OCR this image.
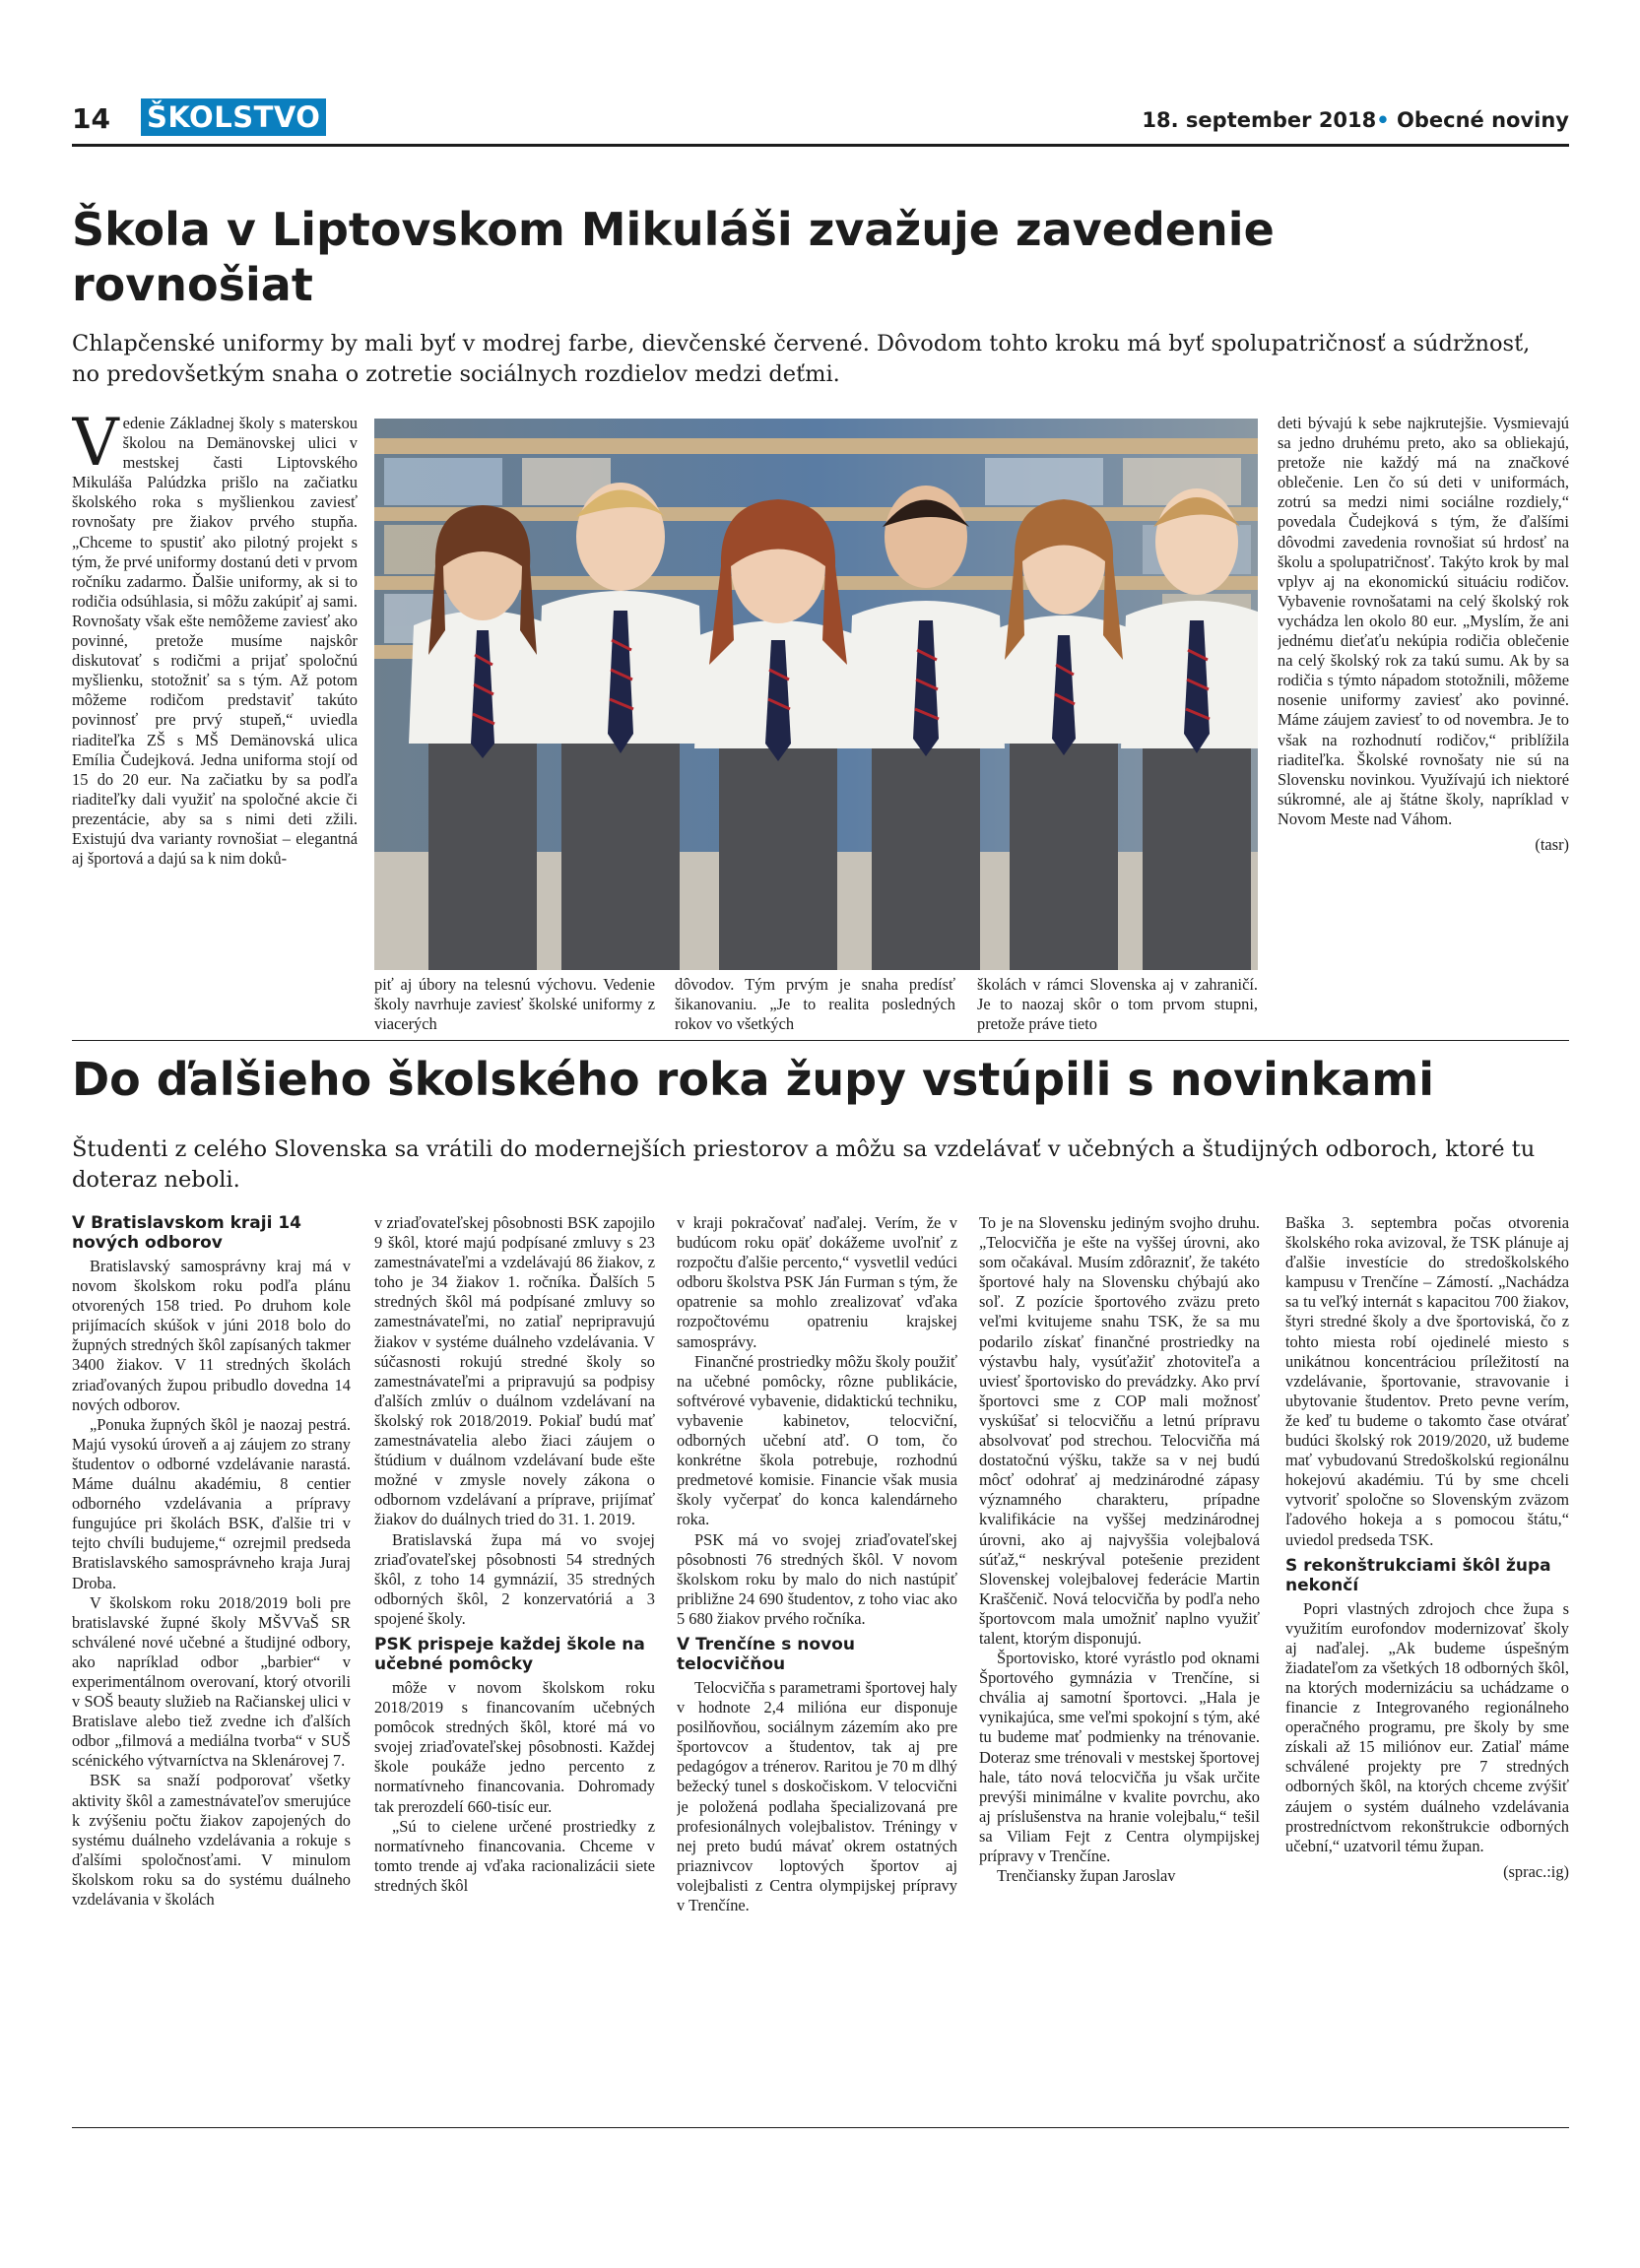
14 ŠKOLSTVO	18. september 2018• Obecné noviny
Škola v Liptovskom Mikuláši zvažuje zavedenie
rovnošiat

Chlapčenské uniformy by mali byť v modrej farbe, dievčenské červené. Dôvodom tohto kroku má byť spolupatričnosť a súdržnosť,
no predovšetkým snaha o zotretie sociálnych rozdielov medzi deťmi.

Vedenie Základnej školy s materskou školou na Demänovskej ulici v mestskej časti Liptovského Mikuláša Palúdzka prišlo na začiatku školského roka s myšlienkou zaviesť rovnošaty pre žiakov prvého stupňa. „Chceme to spustiť ako pilotný projekt s tým, že prvé uniformy dostanú deti v prvom ročníku zadarmo. Ďalšie uniformy, ak si to rodičia odsúhlasia, si môžu zakúpiť aj sami. Rovnošaty však ešte nemôžeme zaviesť ako povinné, pretože musíme najskôr diskutovať s rodičmi a prijať spoločnú myšlienku, stotožniť sa s tým. Až potom môžeme rodičom predstaviť takúto povinnosť pre prvý stupeň,“ uviedla riaditeľka ZŠ s MŠ Demänovská ulica Emília Čudejková. Jedna uniforma stojí od 15 do 20 eur. Na začiatku by sa podľa riaditeľky dali využiť na spoločné akcie či prezentácie, aby sa s nimi deti zžili. Existujú dva varianty rovnošiat – elegantná aj športová a dajú sa k nim doků-

piť aj úbory na telesnú výchovu. Vedenie školy navrhuje zaviesť školské uniformy z viacerých

dôvodov. Tým prvým je snaha predísť šikanovaniu. „Je to realita posledných rokov vo všetkých

školách v rámci Slovenska aj v zahraničí. Je to naozaj skôr o tom prvom stupni, pretože práve tieto

deti bývajú k sebe najkrutejšie. Vysmievajú sa jedno druhému preto, ako sa obliekajú, pretože nie každý má na značkové oblečenie. Len čo sú deti v uniformách, zotrú sa medzi nimi sociálne rozdiely,“ povedala Čudejková s tým, že ďalšími dôvodmi zavedenia rovnošiat sú hrdosť na školu a spolupatričnosť. Takýto krok by mal vplyv aj na ekonomickú situáciu rodičov. Vybavenie rovnošatami na celý školský rok vychádza len okolo 80 eur. „Myslím, že ani jednému dieťaťu nekúpia rodičia oblečenie na celý školský rok za takú sumu. Ak by sa rodičia s týmto nápadom stotožnili, môžeme nosenie uniformy zaviesť ako povinné. Máme záujem zaviesť to od novembra. Je to však na rozhodnutí rodičov,“ priblížila riaditeľka. Školské rovnošaty nie sú na Slovensku novinkou. Využívajú ich niektoré súkromné, ale aj štátne školy, napríklad v Novom Meste nad Váhom.

(tasr)

Do ďalšieho školského roka župy vstúpili s novinkami

Študenti z celého Slovenska sa vrátili do modernejších priestorov a môžu sa vzdelávať v učebných a študijných odboroch, ktoré tu
doteraz neboli.

V Bratislavskom kraji 14 nových odborov

Bratislavský samosprávny kraj má v novom školskom roku podľa plánu otvorených 158 tried. Po druhom kole prijímacích skúšok v júni 2018 bolo do župných stredných škôl zapísaných takmer 3400 žiakov. V 11 stredných školách zriaďovaných župou pribudlo dovedna 14 nových odborov.

„Ponuka župných škôl je naozaj pestrá. Majú vysokú úroveň a aj záujem zo strany študentov o odborné vzdelávanie narastá. Máme duálnu akadémiu, 8 centier odborného vzdelávania a prípravy fungujúce pri školách BSK, ďalšie tri v tejto chvíli budujeme,“ ozrejmil predseda Bratislavského samosprávneho kraja Juraj Droba.

V školskom roku 2018/2019 boli pre bratislavské župné školy MŠVVaŠ SR schválené nové učebné a študijné odbory, ako napríklad odbor „barbier“ v experimentálnom overovaní, ktorý otvorili v SOŠ beauty služieb na Račianskej ulici v Bratislave alebo tiež zvedne ich ďalších odbor „filmová a mediálna tvorba“ v SUŠ scénického výtvarníctva na Sklenárovej 7.

BSK sa snaží podporovať všetky aktivity škôl a zamestnávateľov smerujúce k zvýšeniu počtu žiakov zapojených do systému duálneho vzdelávania a rokuje s ďalšími spoločnosťami. V minulom školskom roku sa do systému duálneho vzdelávania v školách

v zriaďovateľskej pôsobnosti BSK zapojilo 9 škôl, ktoré majú podpísané zmluvy s 23 zamestnávateľmi a vzdelávajú 86 žiakov, z toho je 34 žiakov 1. ročníka. Ďalších 5 stredných škôl má podpísané zmluvy so zamestnávateľmi, no zatiaľ nepripravujú žiakov v systéme duálneho vzdelávania. V súčasnosti rokujú stredné školy so zamestnávateľmi a pripravujú sa podpisy ďalších zmlúv o duálnom vzdelávaní na školský rok 2018/2019. Pokiaľ budú mať zamestnávatelia alebo žiaci záujem o štúdium v duálnom vzdelávaní bude ešte možné v zmysle novely zákona o odbornom vzdelávaní a príprave, prijímať žiakov do duálnych tried do 31. 1. 2019.

Bratislavská župa má vo svojej zriaďovateľskej pôsobnosti 54 stredných škôl, z toho 14 gymnázií, 35 stredných odborných škôl, 2 konzervatóriá a 3 spojené školy.

PSK prispeje každej škole na učebné pomôcky

môže v novom školskom roku 2018/2019 s financovaním učebných pomôcok stredných škôl, ktoré má vo svojej zriaďovateľskej pôsobnosti. Každej škole poukáže jedno percento z normatívneho financovania. Dohromady tak prerozdelí 660-tisíc eur.

„Sú to cielene určené prostriedky z normatívneho financovania. Chceme v tomto trende aj vďaka racionalizácii siete stredných škôl

v kraji pokračovať naďalej. Verím, že v budúcom roku opäť dokážeme uvoľniť z rozpočtu ďalšie percento,“ vysvetlil vedúci odboru školstva PSK Ján Furman s tým, že opatrenie sa mohlo zrealizovať vďaka rozpočtovému opatreniu krajskej samosprávy.

Finančné prostriedky môžu školy použiť na učebné pomôcky, rôzne publikácie, softvérové vybavenie, didaktickú techniku, vybavenie kabinetov, telocviční, odborných učební atď. O tom, čo konkrétne škola potrebuje, rozhodnú predmetové komisie. Financie však musia školy vyčerpať do konca kalendárneho roka.

PSK má vo svojej zriaďovateľskej pôsobnosti 76 stredných škôl. V novom školskom roku by malo do nich nastúpiť približne 24 690 študentov, z toho viac ako 5 680 žiakov prvého ročníka.

V Trenčíne s novou telocvičňou

Telocvičňa s parametrami športovej haly v hodnote 2,4 milióna eur disponuje posilňovňou, sociálnym zázemím ako pre športovcov a študentov, tak aj pre pedagógov a trénerov. Raritou je 70 m dlhý bežecký tunel s doskočiskom. V telocvični je položená podlaha špecializovaná pre profesionálnych volejbalistov. Tréningy v nej preto budú mávať okrem ostatných priaznivcov loptových športov aj volejbalisti z Centra olympijskej prípravy v Trenčíne.

To je na Slovensku jediným svojho druhu. „Telocvičňa je ešte na vyššej úrovni, ako som očakával. Musím zdôrazniť, že takéto športové haly na Slovensku chýbajú ako soľ. Z pozície športového zväzu preto veľmi kvitujeme snahu TSK, že sa mu podarilo získať finančné prostriedky na výstavbu haly, vysúťažiť zhotoviteľa a uviesť športovisko do prevádzky. Ako prví športovci sme z COP mali možnosť vyskúšať si telocvičňu a letnú prípravu absolvovať pod strechou. Telocvičňa má dostatočnú výšku, takže sa v nej budú môcť odohrať aj medzinárodné zápasy významného charakteru, prípadne kvalifikácie na vyššej medzinárodnej úrovni, ako aj najvyššia volejbalová súťaž,“ neskrýval potešenie prezident Slovenskej volejbalovej federácie Martin Kraščenič. Nová telocvičňa by podľa neho športovcom mala umožniť naplno využiť talent, ktorým disponujú.

Športovisko, ktoré vyrástlo pod oknami Športového gymnázia v Trenčíne, si chvália aj samotní športovci. „Hala je vynikajúca, sme veľmi spokojní s tým, aké tu budeme mať podmienky na trénovanie. Doteraz sme trénovali v mestskej športovej hale, táto nová telocvičňa ju však určite prevýši minimálne v kvalite povrchu, ako aj príslušenstva na hranie volejbalu,“ tešil sa Viliam Fejt z Centra olympijskej prípravy v Trenčíne.

Trenčiansky župan Jaroslav

Baška 3. septembra počas otvorenia školského roka avizoval, že TSK plánuje aj ďalšie investície do stredoškolského kampusu v Trenčíne – Zámostí. „Nachádza sa tu veľký internát s kapacitou 700 žiakov, štyri stredné školy a dve športoviská, čo z tohto miesta robí ojedinelé miesto s unikátnou koncentráciou príležitostí na vzdelávanie, športovanie, stravovanie i ubytovanie študentov. Preto pevne verím, že keď tu budeme o takomto čase otvárať budúci školský rok 2019/2020, už budeme mať vybudovanú Stredoškolskú regionálnu hokejovú akadémiu. Tú by sme chceli vytvoriť spoločne so Slovenským zväzom ľadového hokeja a s pomocou štátu,“ uviedol predseda TSK.

S rekonštrukciami škôl župa nekončí

Popri vlastných zdrojoch chce župa s využitím eurofondov modernizovať školy aj naďalej. „Ak budeme úspešným žiadateľom za všetkých 18 odborných škôl, na ktorých modernizáciu sa uchádzame o financie z Integrovaného regionálneho operačného programu, pre školy by sme získali až 15 miliónov eur. Zatiaľ máme schválené projekty pre 7 stredných odborných škôl, na ktorých chceme zvýšiť záujem o systém duálneho vzdelávania prostredníctvom rekonštrukcie odborných učební,“ uzatvoril tému župan.

(sprac.:ig)
